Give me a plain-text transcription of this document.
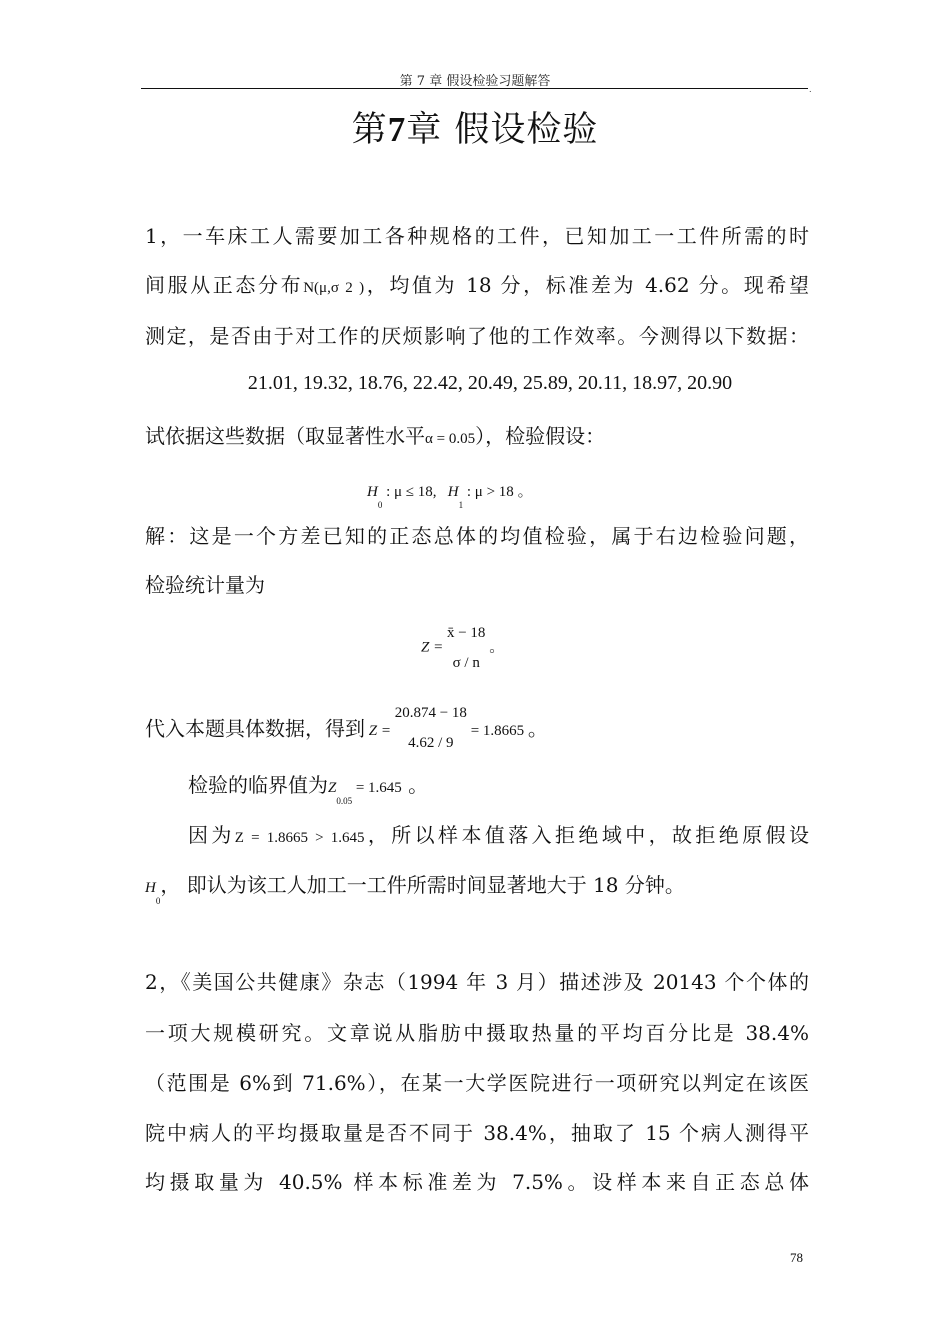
第 7 章 假设检验习题解答
.
第7章 假设检验
1，一车床工人需要加工各种规格的工件，已知加工一工件所需的时
间服从正态分布N(μ,σ 2 )，均值为 18 分，标准差为 4.62 分。现希望
测定，是否由于对工作的厌烦影响了他的工作效率。今测得以下数据：
21.01, 19.32, 18.76, 22.42, 20.49, 25.89, 20.11, 18.97, 20.90
试依据这些数据（取显著性水平α = 0.05），检验假设：
$H_0$ : μ ≤ 18, $H_1$ : μ > 18 。
解：这是一个方差已知的正态总体的均值检验，属于右边检验问题，
检验统计量为
Z =
x̄ − 18
σ / n
。
代入本题具体数据，得到 Z =
20.874 − 18
4.62 / 9
= 1.8665 。
检验的临界值为$Z_{0.05} = 1.645$ 。
因为Z = 1.8665 > 1.645，所以样本值落入拒绝域中，故拒绝原假设
$H_0$， 即认为该工人加工一工件所需时间显著地大于 18 分钟。
2，《美国公共健康》杂志（1994 年 3 月）描述涉及 20143 个个体的
一项大规模研究。文章说从脂肪中摄取热量的平均百分比是 38.4%
（范围是 6%到 71.6%），在某一大学医院进行一项研究以判定在该医
院中病人的平均摄取量是否不同于 38.4%，抽取了 15 个病人测得平
均摄取量为 40.5% 样本标准差为 7.5%。设样本来自正态总体
78
